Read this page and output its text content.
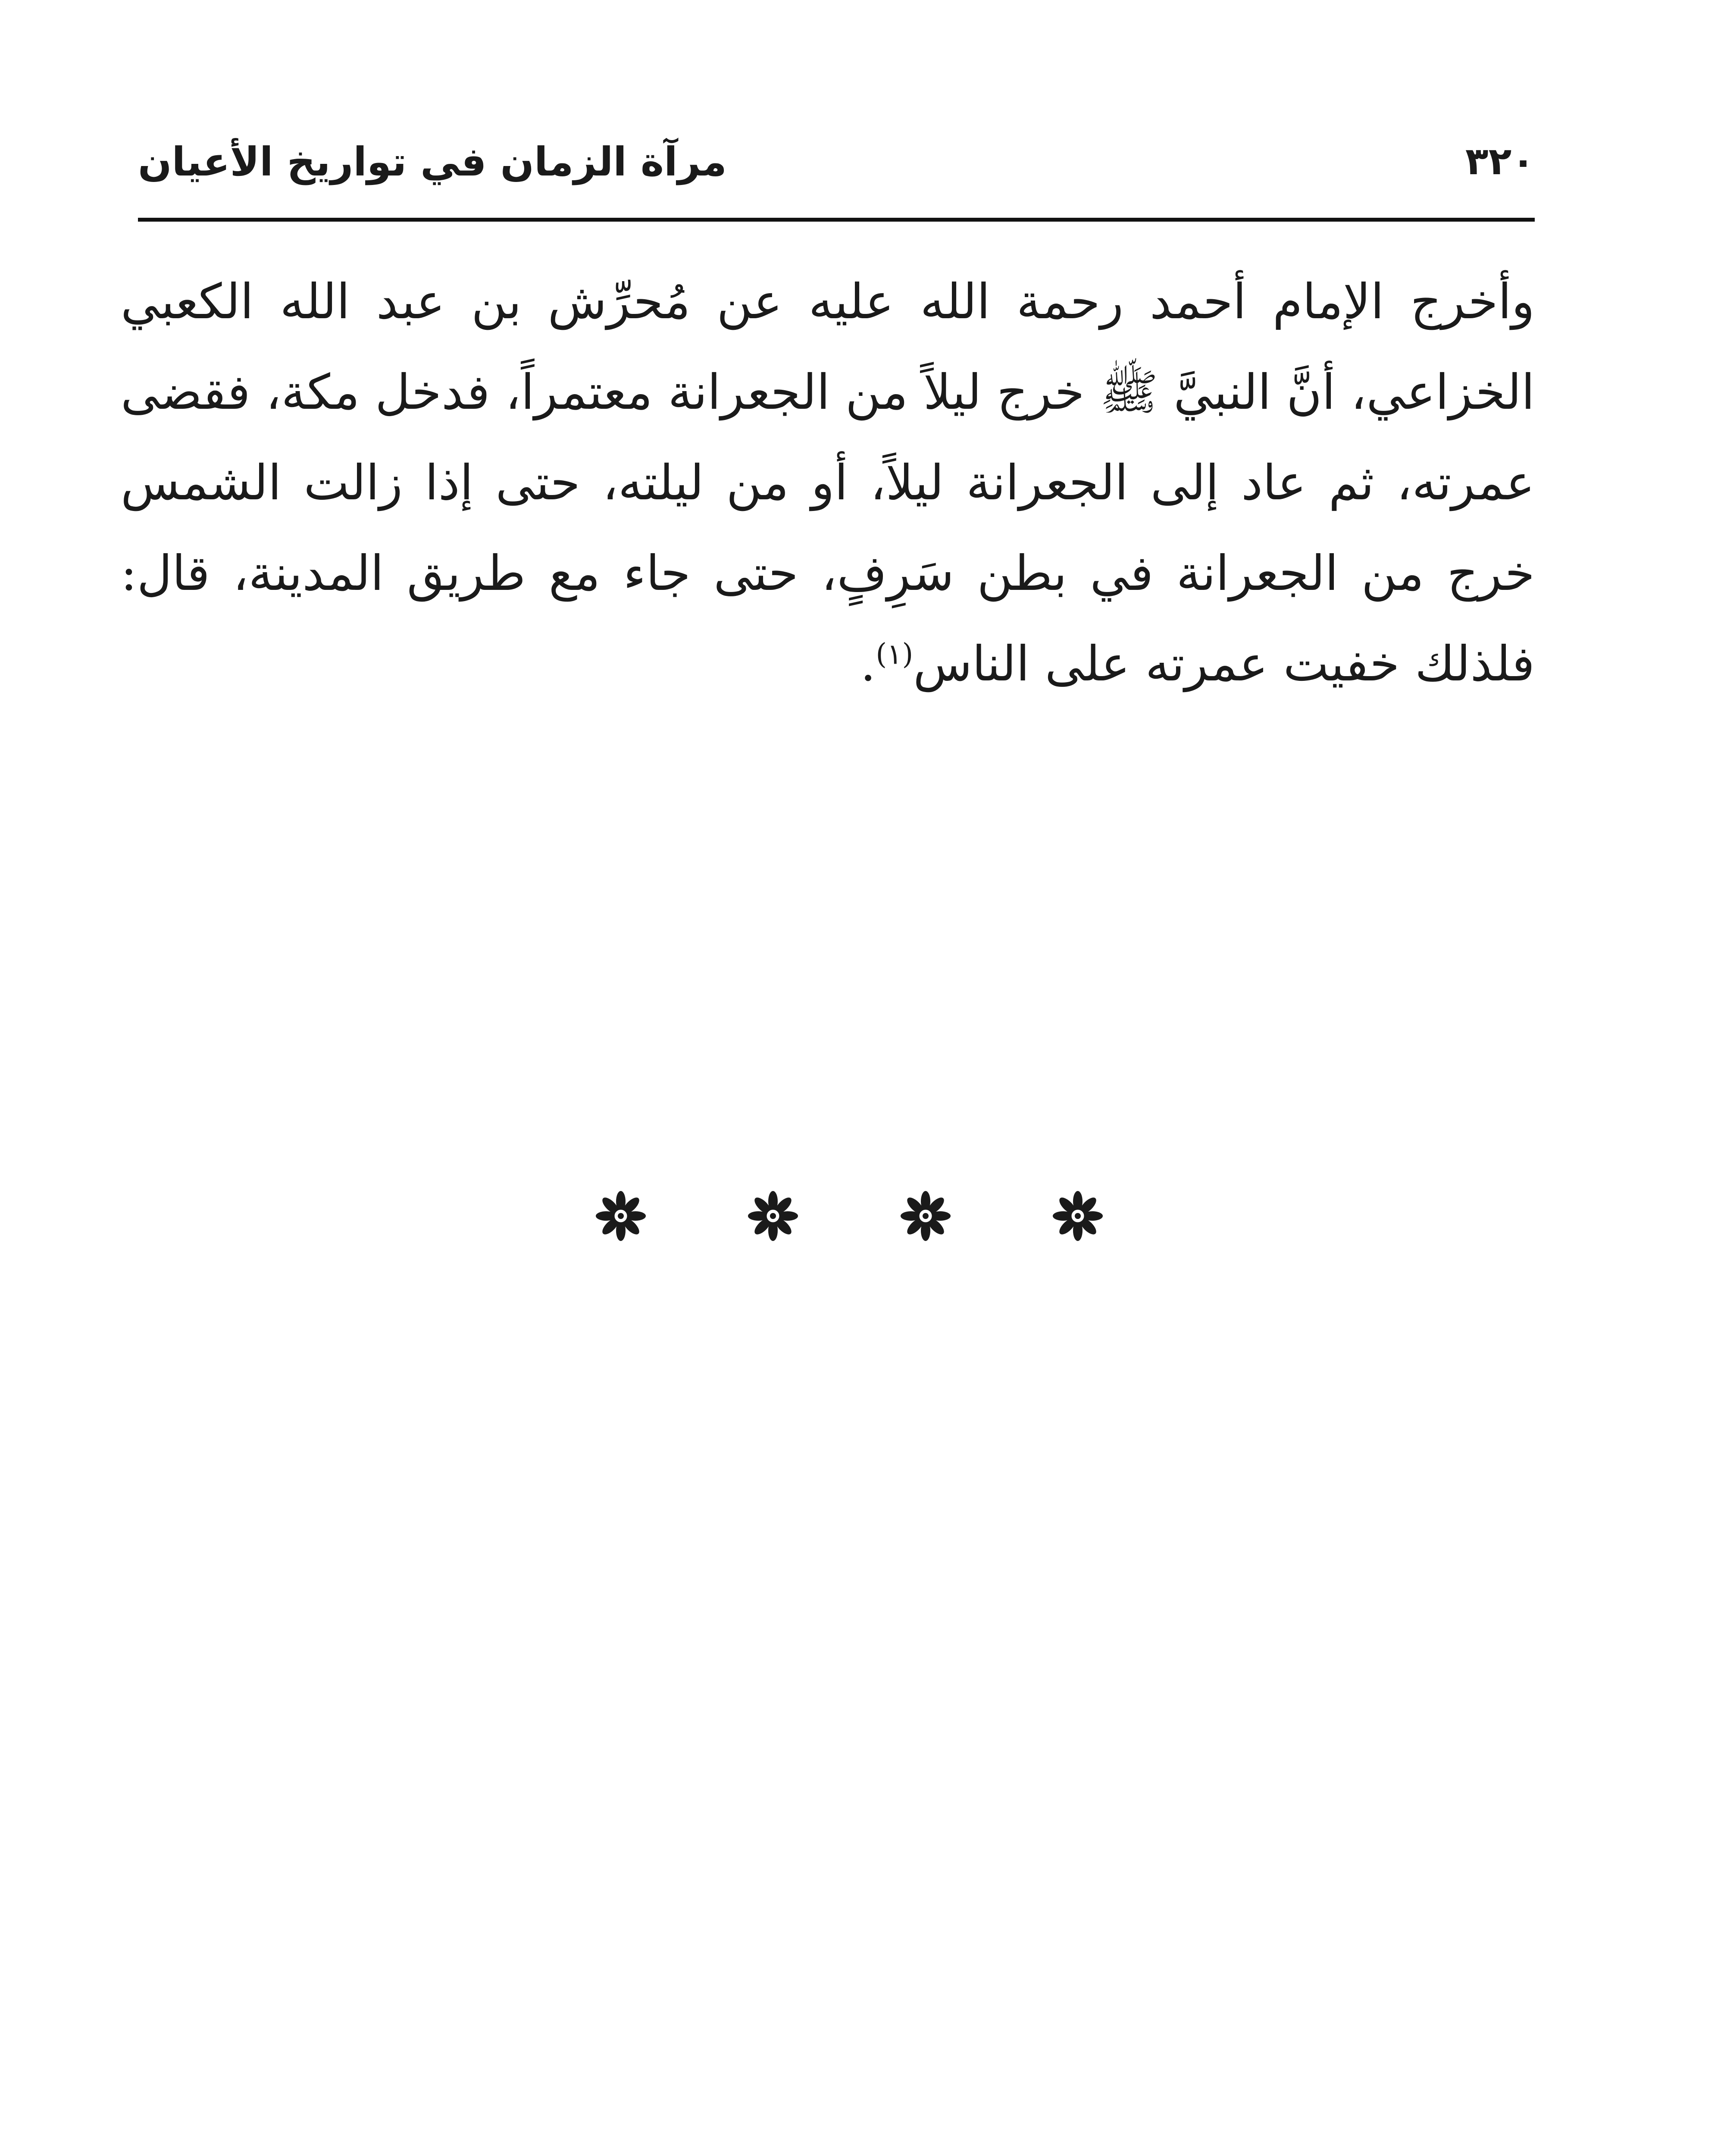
٣٢٠
مرآة الزمان في تواريخ الأعيان

وأخرج الإمام أحمد رحمة الله عليه عن مُحرِّش بن عبد الله الكعبي الخزاعي، أنَّ النبيَّ ﷺ خرج ليلاً من الجعرانة معتمراً، فدخل مكة، فقضى عمرته، ثم عاد إلى الجعرانة ليلاً، أو من ليلته، حتى إذا زالت الشمس خرج من الجعرانة في بطن سَرِفٍ، حتى جاء مع طريق المدينة، قال: فلذلك خفيت عمرته على الناس$^{(١)}$.
